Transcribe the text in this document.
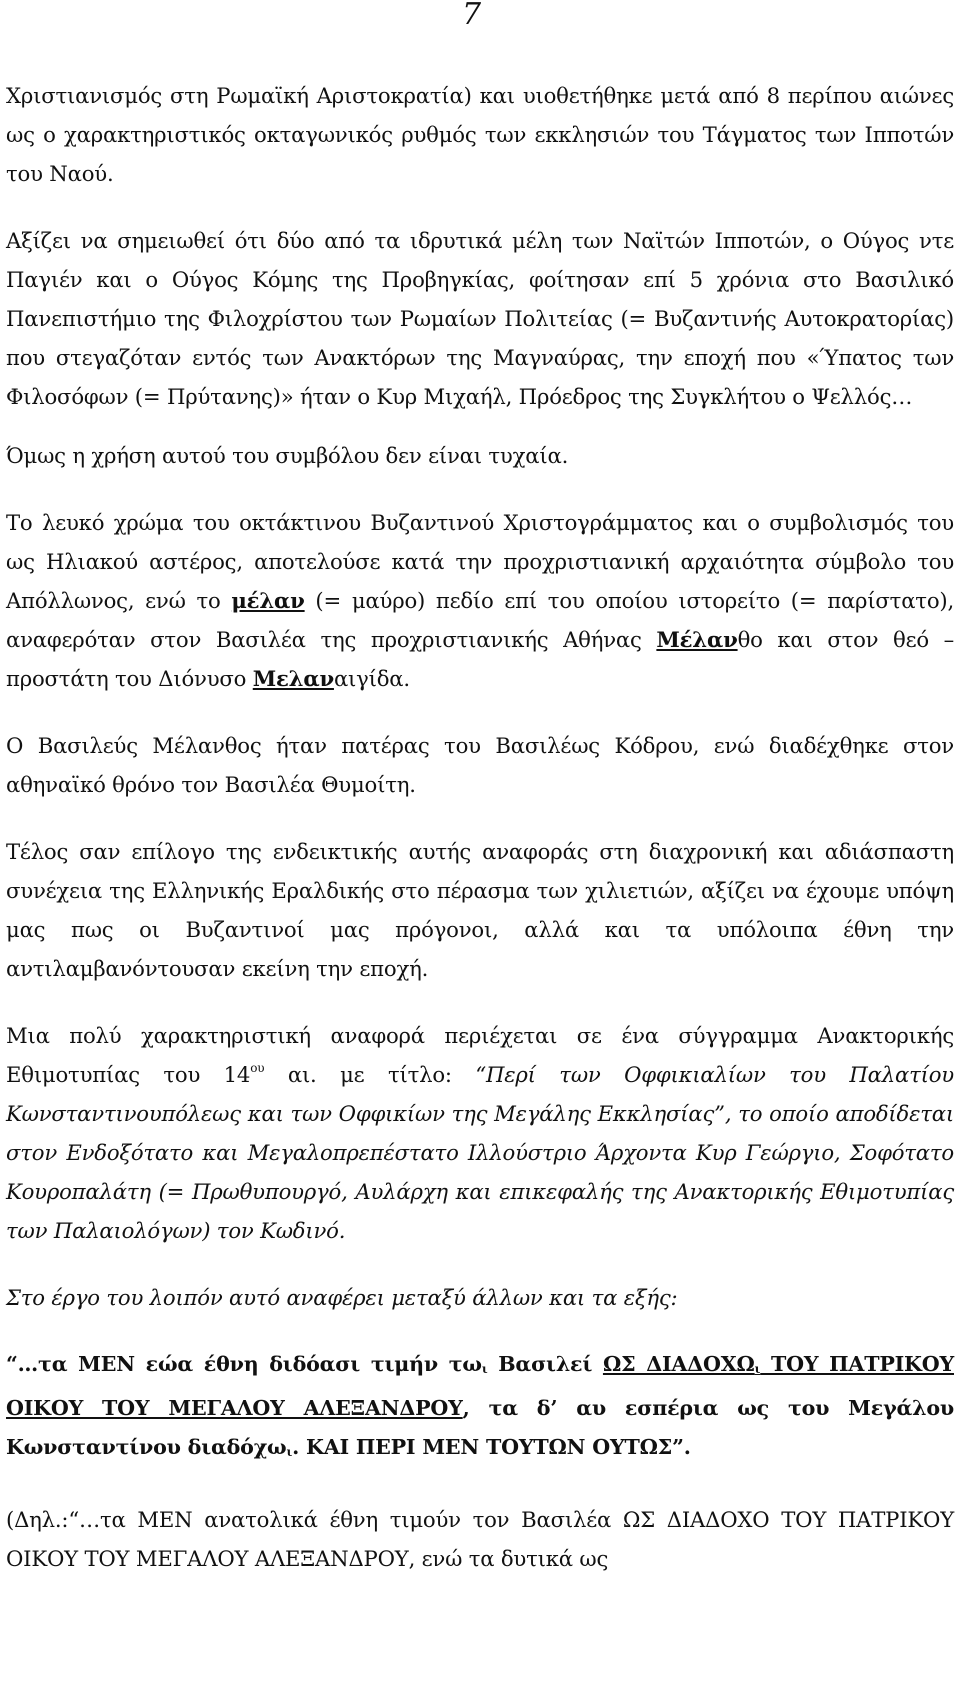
7

Χριστιανισμός στη Ρωμαϊκή Αριστοκρατία) και υιοθετήθηκε μετά από 8 περίπου αιώνες ως ο χαρακτηριστικός οκταγωνικός ρυθμός των εκκλησιών του Τάγματος των Ιπποτών του Ναού.

Αξίζει να σημειωθεί ότι δύο από τα ιδρυτικά μέλη των Ναϊτών Ιπποτών, ο Ούγος ντε Παγιέν και ο Ούγος Κόμης της Προβηγκίας, φοίτησαν επί 5 χρόνια στο Βασιλικό Πανεπιστήμιο της Φιλοχρίστου των Ρωμαίων Πολιτείας (= Βυζαντινής Αυτοκρατορίας) που στεγαζόταν εντός των Ανακτόρων της Μαγναύρας, την εποχή που «Ύπατος των Φιλοσόφων (= Πρύτανης)» ήταν ο Κυρ Μιχαήλ, Πρόεδρος της Συγκλήτου ο Ψελλός…

Όμως η χρήση αυτού του συμβόλου δεν είναι τυχαία.

Το λευκό χρώμα του οκτάκτινου Βυζαντινού Χριστογράμματος και ο συμβολισμός του ως Ηλιακού αστέρος, αποτελούσε κατά την προχριστιανική αρχαιότητα σύμβολο του Απόλλωνος, ενώ το μέλαν (= μαύρο) πεδίο επί του οποίου ιστορείτο (= παρίστατο), αναφερόταν στον Βασιλέα της προχριστιανικής Αθήνας Μέλανθο και στον θεό – προστάτη του Διόνυσο Μελαναιγίδα.

Ο Βασιλεύς Μέλανθος ήταν πατέρας του Βασιλέως Κόδρου, ενώ διαδέχθηκε στον αθηναϊκό θρόνο τον Βασιλέα Θυμοίτη.

Τέλος σαν επίλογο της ενδεικτικής αυτής αναφοράς στη διαχρονική και αδιάσπαστη συνέχεια της Ελληνικής Εραλδικής στο πέρασμα των χιλιετιών, αξίζει να έχουμε υπόψη μας πως οι Βυζαντινοί μας πρόγονοι, αλλά και τα υπόλοιπα έθνη την αντιλαμβανόντουσαν εκείνη την εποχή.

Μια πολύ χαρακτηριστική αναφορά περιέχεται σε ένα σύγγραμμα Ανακτορικής Εθιμοτυπίας του $14^{o\upsilon}$ αι. με τίτλο: “Περί των Οφφικιαλίων του Παλατίου Κωνσταντινουπόλεως και των Οφφικίων της Μεγάλης Εκκλησίας”, το οποίο αποδίδεται στον Ενδοξότατο και Μεγαλοπρεπέστατο Ιλλούστριο Άρχοντα Κυρ Γεώργιο, Σοφότατο Κουροπαλάτη (= Πρωθυπουργό, Αυλάρχη και επικεφαλής της Ανακτορικής Εθιμοτυπίας των Παλαιολόγων) τον Κωδινό.

Στο έργο του λοιπόν αυτό αναφέρει μεταξύ άλλων και τα εξής:

“…τα ΜΕΝ εώα έθνη διδόασι τιμήν τωι Βασιλεί ΩΣ ΔΙΑΔΟΧΩι ΤΟΥ ΠΑΤΡΙΚΟΥ ΟΙΚΟΥ ΤΟΥ ΜΕΓΑΛΟΥ ΑΛΕΞΑΝΔΡΟΥ, τα δ’ αυ εσπέρια ως του Μεγάλου Κωνσταντίνου διαδόχωι. ΚΑΙ ΠΕΡΙ ΜΕΝ ΤΟΥΤΩΝ ΟΥΤΩΣ”.

(Δηλ.:“…τα ΜΕΝ ανατολικά έθνη τιμούν τον Βασιλέα ΩΣ ΔΙΑΔΟΧΟ ΤΟΥ ΠΑΤΡΙΚΟΥ ΟΙΚΟΥ ΤΟΥ ΜΕΓΑΛΟΥ ΑΛΕΞΑΝΔΡΟΥ, ενώ τα δυτικά ως
